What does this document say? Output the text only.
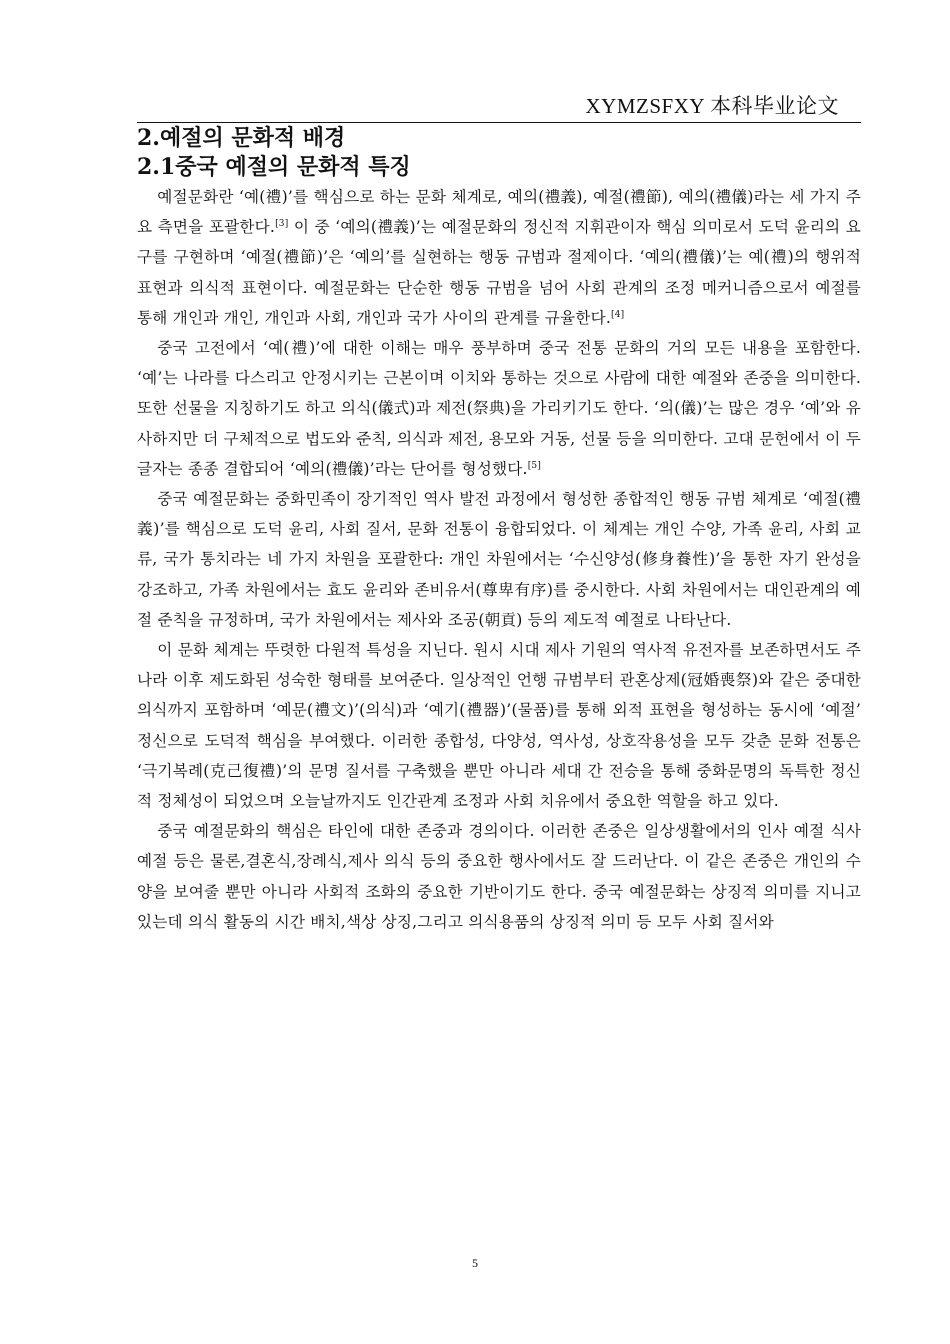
XYMZSFXY 本科毕业论文
2.예절의 문화적 배경
2.1중국 예절의 문화적 특징

예절문화란 ‘예(禮)’를 핵심으로 하는 문화 체계로, 예의(禮義), 예절(禮節), 예의(禮儀)라는 세 가지 주요 측면을 포괄한다.[3] 이 중 ‘예의(禮義)’는 예절문화의 정신적 지휘관이자 핵심 의미로서 도덕 윤리의 요구를 구현하며 ‘예절(禮節)’은 ‘예의’를 실현하는 행동 규범과 절제이다. ‘예의(禮儀)’는 예(禮)의 행위적 표현과 의식적 표현이다. 예절문화는 단순한 행동 규범을 넘어 사회 관계의 조정 메커니즘으로서 예절를 통해 개인과 개인, 개인과 사회, 개인과 국가 사이의 관계를 규율한다.[4]

중국 고전에서 ‘예(禮)’에 대한 이해는 매우 풍부하며 중국 전통 문화의 거의 모든 내용을 포함한다. ‘예’는 나라를 다스리고 안정시키는 근본이며 이치와 통하는 것으로 사람에 대한 예절와 존중을 의미한다. 또한 선물을 지칭하기도 하고 의식(儀式)과 제전(祭典)을 가리키기도 한다. ‘의(儀)’는 많은 경우 ‘예’와 유사하지만 더 구체적으로 법도와 준칙, 의식과 제전, 용모와 거동, 선물 등을 의미한다. 고대 문헌에서 이 두 글자는 종종 결합되어 ‘예의(禮儀)’라는 단어를 형성했다.[5]

중국 예절문화는 중화민족이 장기적인 역사 발전 과정에서 형성한 종합적인 행동 규범 체계로 ‘예절(禮義)’를 핵심으로 도덕 윤리, 사회 질서, 문화 전통이 융합되었다. 이 체계는 개인 수양, 가족 윤리, 사회 교류, 국가 통치라는 네 가지 차원을 포괄한다: 개인 차원에서는 ‘수신양성(修身養性)’을 통한 자기 완성을 강조하고, 가족 차원에서는 효도 윤리와 존비유서(尊卑有序)를 중시한다. 사회 차원에서는 대인관계의 예절 준칙을 규정하며, 국가 차원에서는 제사와 조공(朝貢) 등의 제도적 예절로 나타난다.

이 문화 체계는 뚜렷한 다원적 특성을 지닌다. 원시 시대 제사 기원의 역사적 유전자를 보존하면서도 주나라 이후 제도화된 성숙한 형태를 보여준다. 일상적인 언행 규범부터 관혼상제(冠婚喪祭)와 같은 중대한 의식까지 포함하며 ‘예문(禮文)’(의식)과 ‘예기(禮器)’(물품)를 통해 외적 표현을 형성하는 동시에 ‘예절’ 정신으로 도덕적 핵심을 부여했다. 이러한 종합성, 다양성, 역사성, 상호작용성을 모두 갖춘 문화 전통은 ‘극기복례(克己復禮)’의 문명 질서를 구축했을 뿐만 아니라 세대 간 전승을 통해 중화문명의 독특한 정신적 정체성이 되었으며 오늘날까지도 인간관계 조정과 사회 치유에서 중요한 역할을 하고 있다.

중국 예절문화의 핵심은 타인에 대한 존중과 경의이다. 이러한 존중은 일상생활에서의 인사 예절 식사 예절 등은 물론,결혼식,장례식,제사 의식 등의 중요한 행사에서도 잘 드러난다. 이 같은 존중은 개인의 수양을 보여줄 뿐만 아니라 사회적 조화의 중요한 기반이기도 한다. 중국 예절문화는 상징적 의미를 지니고 있는데 의식 활동의 시간 배치,색상 상징,그리고 의식용품의 상징적 의미 등 모두 사회 질서와

5
